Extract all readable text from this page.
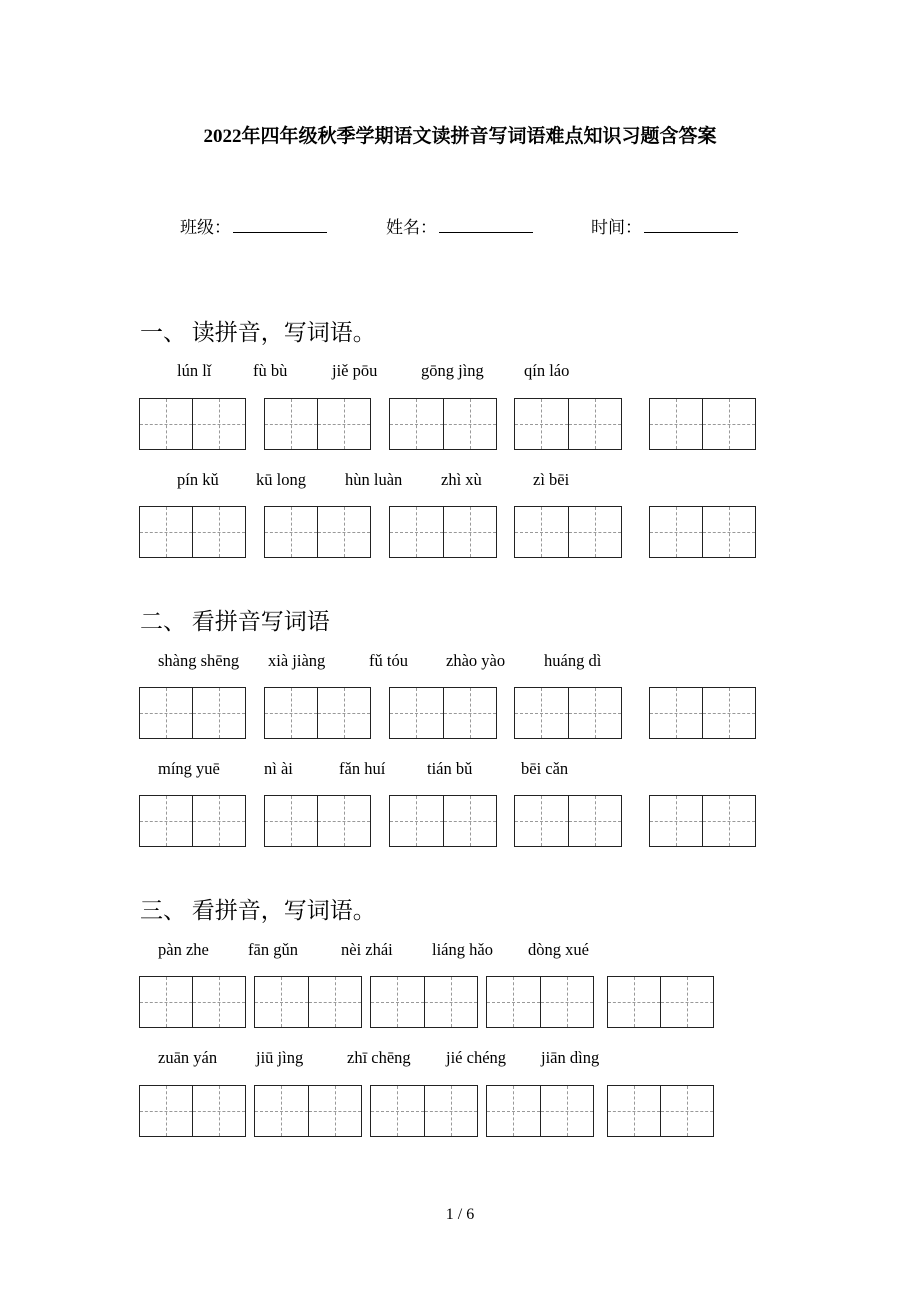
2022年四年级秋季学期语文读拼音写词语难点知识习题含答案
班级：	姓名：	时间：
一、 读拼音，写词语。
lún lǐ	fù bù	jiě pōu	gōng jìng qín láo
pín kǔ kū long hùn luàn zhì xù	zì bēi
二、 看拼音写词语
shàng shēng xià jiàng	fǔ tóu zhào yào huáng dì
míng yuē	nì ài	fǎn huí	tián bǔ	bēi cǎn
三、 看拼音，写词语。
pàn zhe fān gǔn	nèi zhái liáng hǎo dòng xué
zuān yán jiū jìng	zhī chēng jié chéng jiān dìng
1 / 6
